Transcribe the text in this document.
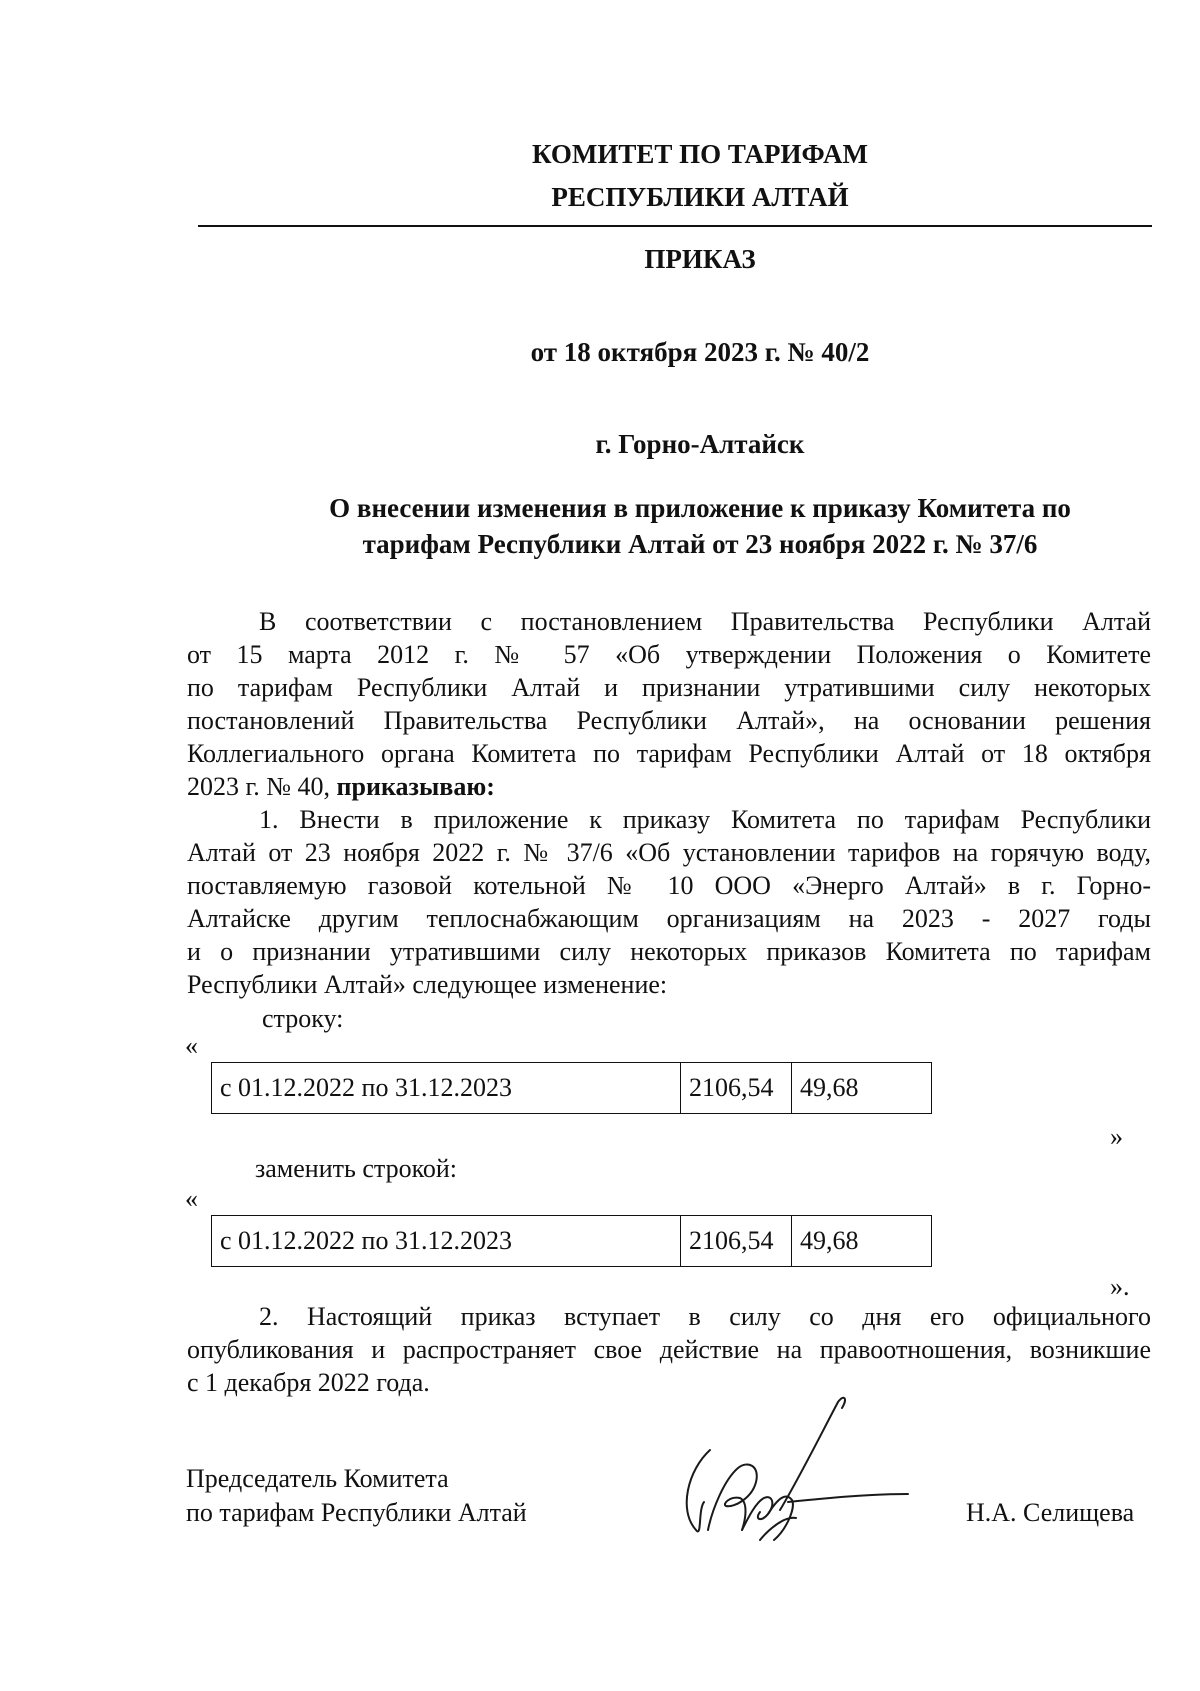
КОМИТЕТ ПО ТАРИФАМ
РЕСПУБЛИКИ АЛТАЙ
ПРИКАЗ
от 18 октября 2023 г. № 40/2
г. Горно-Алтайск
О внесении изменения в приложение к приказу Комитета по
тарифам Республики Алтай от 23 ноября 2022 г. № 37/6
В соответствии с постановлением Правительства Республики Алтай
от 15 марта 2012 г. № 57 «Об утверждении Положения о Комитете
по тарифам Республики Алтай и признании утратившими силу некоторых
постановлений Правительства Республики Алтай», на основании решения
Коллегиального органа Комитета по тарифам Республики Алтай от 18 октября
2023 г. № 40, приказываю:
1. Внести в приложение к приказу Комитета по тарифам Республики
Алтай от 23 ноября 2022 г. № 37/6 «Об установлении тарифов на горячую воду,
поставляемую газовой котельной № 10 ООО «Энерго Алтай» в г. Горно-
Алтайске другим теплоснабжающим организациям на 2023 - 2027 годы
и о признании утратившими силу некоторых приказов Комитета по тарифам
Республики Алтай» следующее изменение:
строку:
«
с 01.12.2022 по 31.12.2023	2106,54	49,68
»
заменить строкой:
«
с 01.12.2022 по 31.12.2023	2106,54	49,68
».
2. Настоящий приказ вступает в силу со дня его официального
опубликования и распространяет свое действие на правоотношения, возникшие
с 1 декабря 2022 года.
Председатель Комитета
по тарифам Республики Алтай	Н.А. Селищева
